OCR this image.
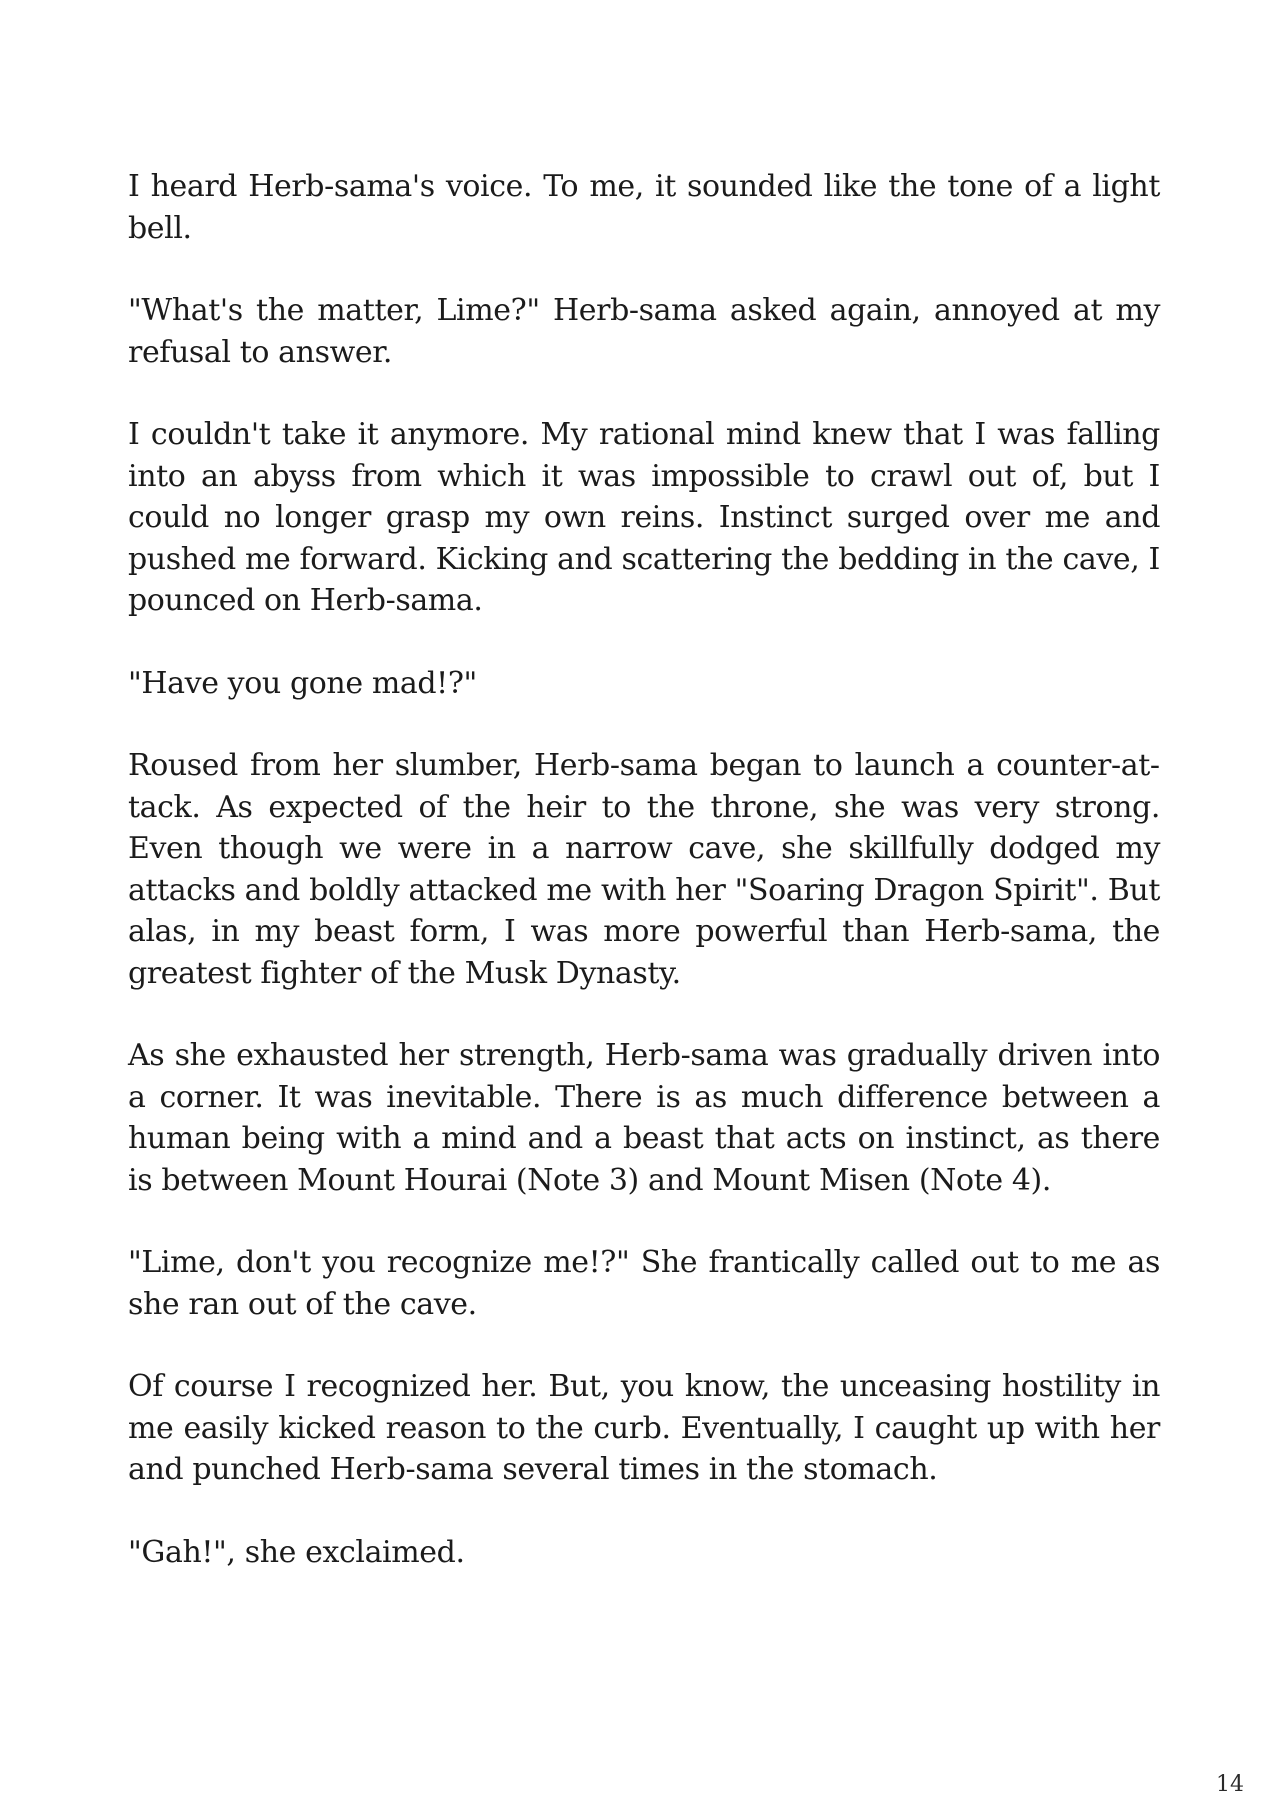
I heard Herb-sama's voice. To me, it sounded like the tone of a light bell.

"What's the matter, Lime?" Herb-sama asked again, annoyed at my refusal to answer.

I couldn't take it anymore. My rational mind knew that I was falling into an abyss from which it was impossible to crawl out of, but I could no longer grasp my own reins. Instinct surged over me and pushed me forward. Kicking and scattering the bedding in the cave, I pounced on Herb-sama.

"Have you gone mad!?"

Roused from her slumber, Herb-sama began to launch a counter-attack. As expected of the heir to the throne, she was very strong. Even though we were in a narrow cave, she skillfully dodged my attacks and boldly attacked me with her "Soaring Dragon Spirit". But alas, in my beast form, I was more powerful than Herb-sama, the greatest fighter of the Musk Dynasty.

As she exhausted her strength, Herb-sama was gradually driven into a corner. It was inevitable. There is as much difference between a human being with a mind and a beast that acts on instinct, as there is between Mount Hourai (Note 3) and Mount Misen (Note 4).

"Lime, don't you recognize me!?" She frantically called out to me as she ran out of the cave.

Of course I recognized her. But, you know, the unceasing hostility in me easily kicked reason to the curb. Eventually, I caught up with her and punched Herb-sama several times in the stomach.

"Gah!", she exclaimed.

14
